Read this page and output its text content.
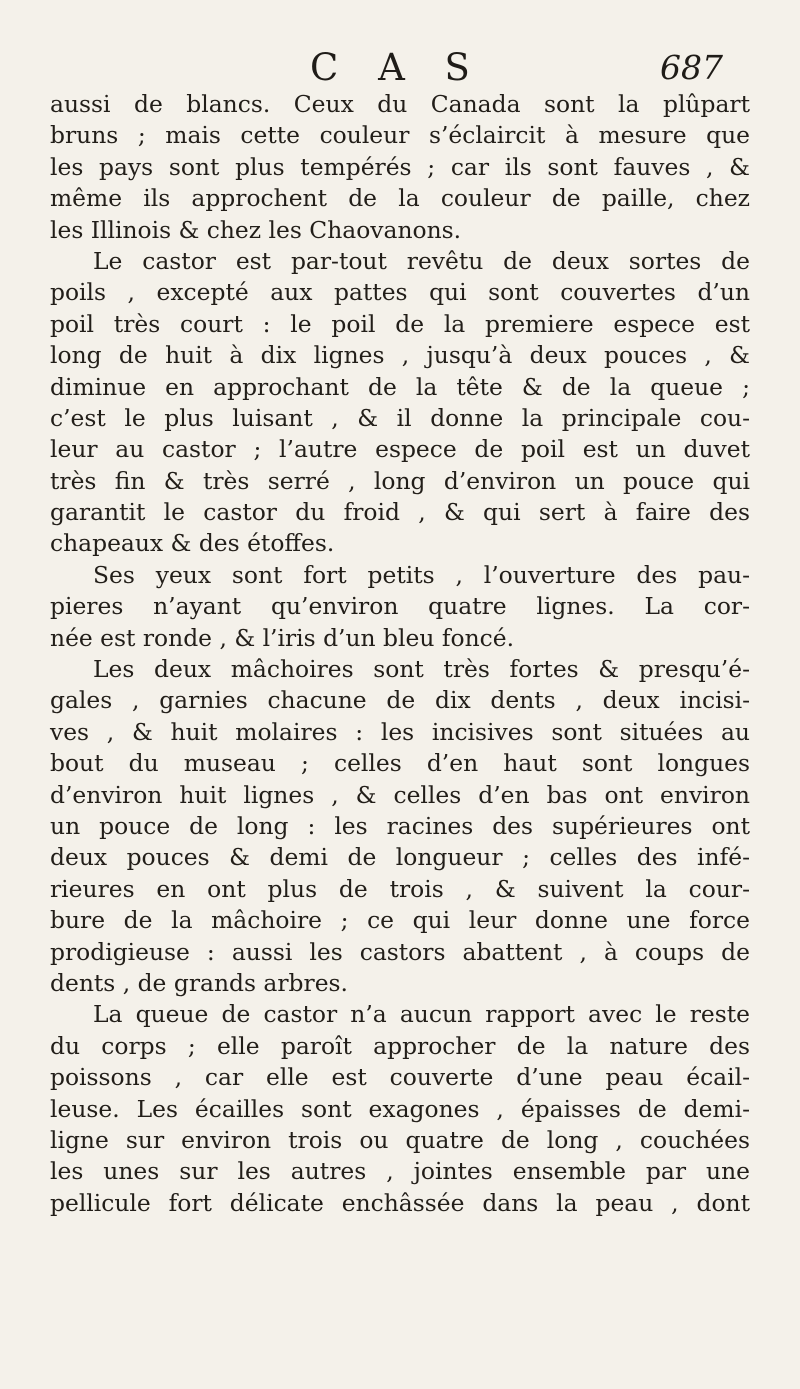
C A S	687
aussi de blancs. Ceux du Canada sont la plûpart
bruns ; mais cette couleur s’éclaircit à mesure que
les pays sont plus tempérés ; car ils sont fauves , &
même ils approchent de la couleur de paille, chez
les Illinois & chez les Chaovanons.
Le castor est par-tout revêtu de deux sortes de
poils , excepté aux pattes qui sont couvertes d’un
poil très court : le poil de la premiere espece est
long de huit à dix lignes , jusqu’à deux pouces , &
diminue en approchant de la tête & de la queue ;
c’est le plus luisant , & il donne la principale cou-
leur au castor ; l’autre espece de poil est un duvet
très fin & très serré , long d’environ un pouce qui
garantit le castor du froid , & qui sert à faire des
chapeaux & des étoffes.
Ses yeux sont fort petits , l’ouverture des pau-
pieres n’ayant qu’environ quatre lignes. La cor-
née est ronde , & l’iris d’un bleu foncé.
Les deux mâchoires sont très fortes & presqu’é-
gales , garnies chacune de dix dents , deux incisi-
ves , & huit molaires : les incisives sont situées au
bout du museau ; celles d’en haut sont longues
d’environ huit lignes , & celles d’en bas ont environ
un pouce de long : les racines des supérieures ont
deux pouces & demi de longueur ; celles des infé-
rieures en ont plus de trois , & suivent la cour-
bure de la mâchoire ; ce qui leur donne une force
prodigieuse : aussi les castors abattent , à coups de
dents , de grands arbres.
La queue de castor n’a aucun rapport avec le reste
du corps ; elle paroît approcher de la nature des
poissons , car elle est couverte d’une peau écail-
leuse. Les écailles sont exagones , épaisses de demi-
ligne sur environ trois ou quatre de long , couchées
les unes sur les autres , jointes ensemble par une
pellicule fort délicate enchâssée dans la peau , dont
